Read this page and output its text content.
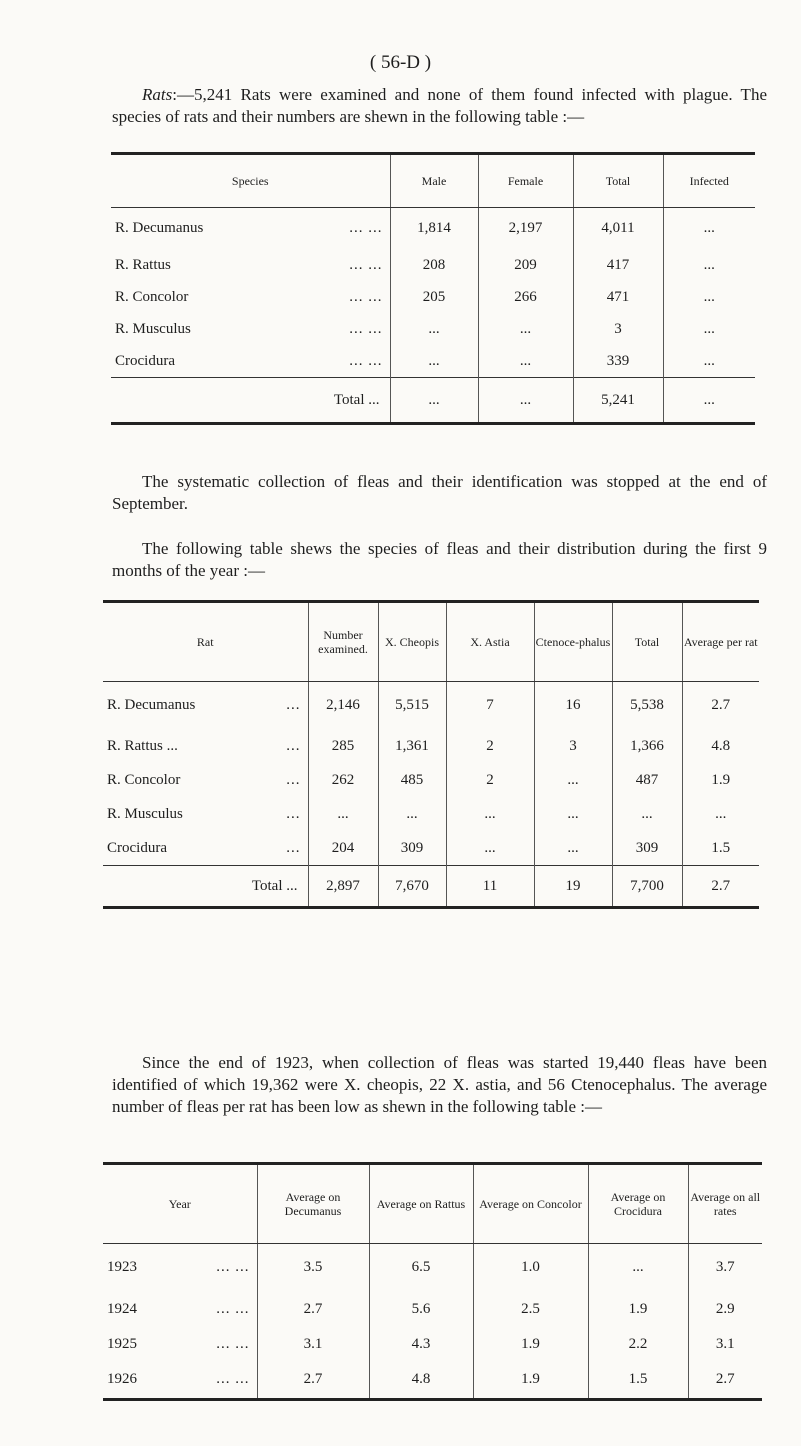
( 56-D )

Rats:—5,241 Rats were examined and none of them found infected with plague. The species of rats and their numbers are shewn in the following table :—

Species	Male	Female	Total	Infected
R. Decumanus ... ...	1,814	2,197	4,011	...
R. Rattus ... ...	208	209	417	...
R. Concolor ... ...	205	266	471	...
R. Musculus ... ...	...	...	3	...
Crocidura ... ...	...	...	339	...
Total ...	...	...	5,241	...

The systematic collection of fleas and their identification was stopped at the end of September.

The following table shews the species of fleas and their distribution during the first 9 months of the year :—

Rat	Number examined.	X. Cheopis	X. Astia	Ctenoce-phalus	Total	Average per rat
R. Decumanus ...	2,146	5,515	7	16	5,538	2.7
R. Rattus ... ...	285	1,361	2	3	1,366	4.8
R. Concolor ...	262	485	2	...	487	1.9
R. Musculus ...	...	...	...	...	...	...
Crocidura ...	204	309	...	...	309	1.5
Total ...	2,897	7,670	11	19	7,700	2.7

Since the end of 1923, when collection of fleas was started 19,440 fleas have been identified of which 19,362 were X. cheopis, 22 X. astia, and 56 Ctenocephalus. The average number of fleas per rat has been low as shewn in the following table :—

Year	Average on Decumanus	Average on Rattus	Average on Concolor	Average on Crocidura	Average on all rates
1923 ... ...	3.5	6.5	1.0	...	3.7
1924 ... ...	2.7	5.6	2.5	1.9	2.9
1925 ... ...	3.1	4.3	1.9	2.2	3.1
1926 ... ...	2.7	4.8	1.9	1.5	2.7
